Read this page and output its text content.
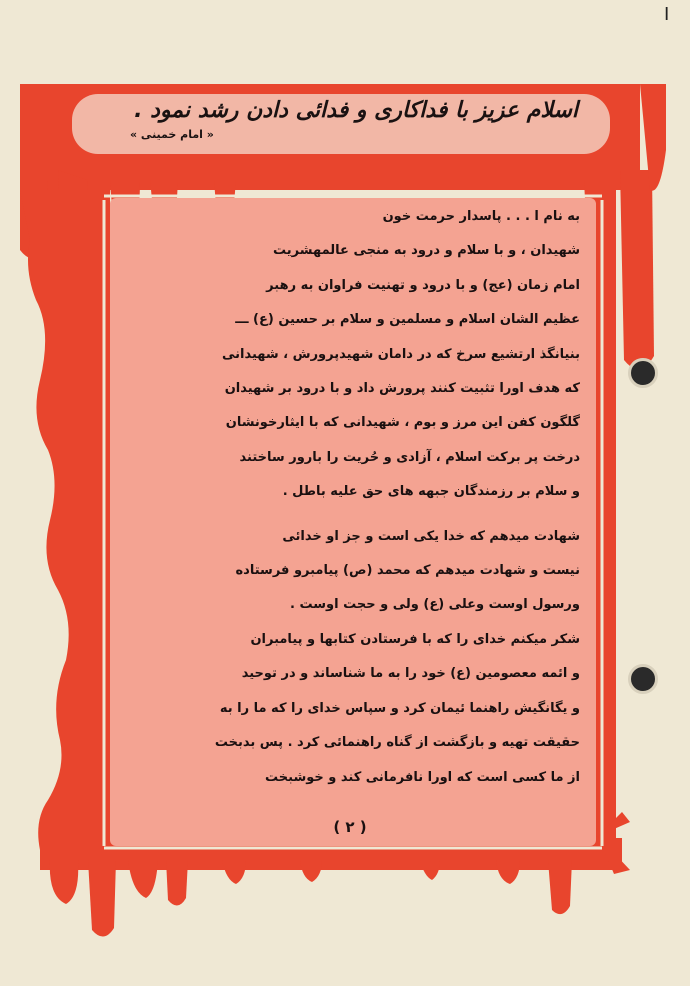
I
اسلام عزیز با فداکاری و فدائی دادن رشد نمود .
« امام خمینی »

به نام ا . . . پاسدار حرمت خون
شهیدان ، و با سلام و درود به منجی عالمهشریت
امام زمان (عج) و با درود و تهنیت فراوان به رهبر
عظیم الشان اسلام و مسلمین و سلام بر حسین (ع) ـــ
بنیانگذ ارتشیع سرخ که در دامان شهیدپرورش ، شهیدانی
که هدف اورا تثبیت کنند پرورش داد و با درود بر شهیدان
گلگون کفن این مرز و بوم ، شهیدانی که با ایثارخونشان
درخت پر برکت اسلام ، آزادی و حُریت را بارور ساختند
و سلام بر رزمندگان جبهه های حق علیه باطل .

شهادت میدهم که خدا یکی است و جز او خدائی
نیست و شهادت میدهم که محمد (ص) پیامبرو فرستاده
ورسول اوست وعلی (ع) ولی و حجت اوست .

شکر میکنم خدای را که با فرستادن کتابها و پیامبران
و ائمه معصومین (ع) خود را به ما شناساند و در توحید
و یگانگیش راهنما ئیمان کرد و سپاس خدای را که ما را به
حقیقت تهیه و بازگشت از گناه راهنمائی کرد . پس بدبخت
از ما کسی است که اورا نافرمانی کند و خوشبخت

( ۲ )
